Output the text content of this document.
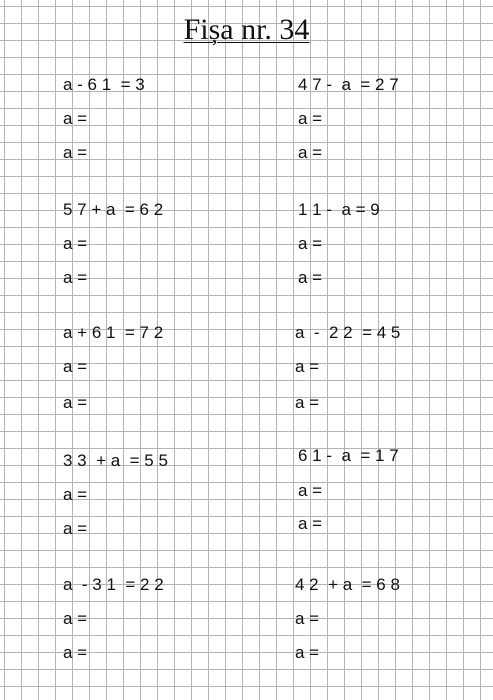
Fișa nr. 34
a - 6 1  = 3
a =
a =
4 7 -  a  = 2 7
a =
a =
5 7 + a  = 6 2
a =
a =
1 1 -  a = 9
a =
a =
a + 6 1  = 7 2
a =
a =
a  -  2 2  = 4 5
a =
a =
3 3  + a  = 5 5
a =
a =
6 1 -  a  = 1 7
a =
a =
a  - 3 1  = 2 2
a =
a =
4 2  + a  = 6 8
a =
a =
